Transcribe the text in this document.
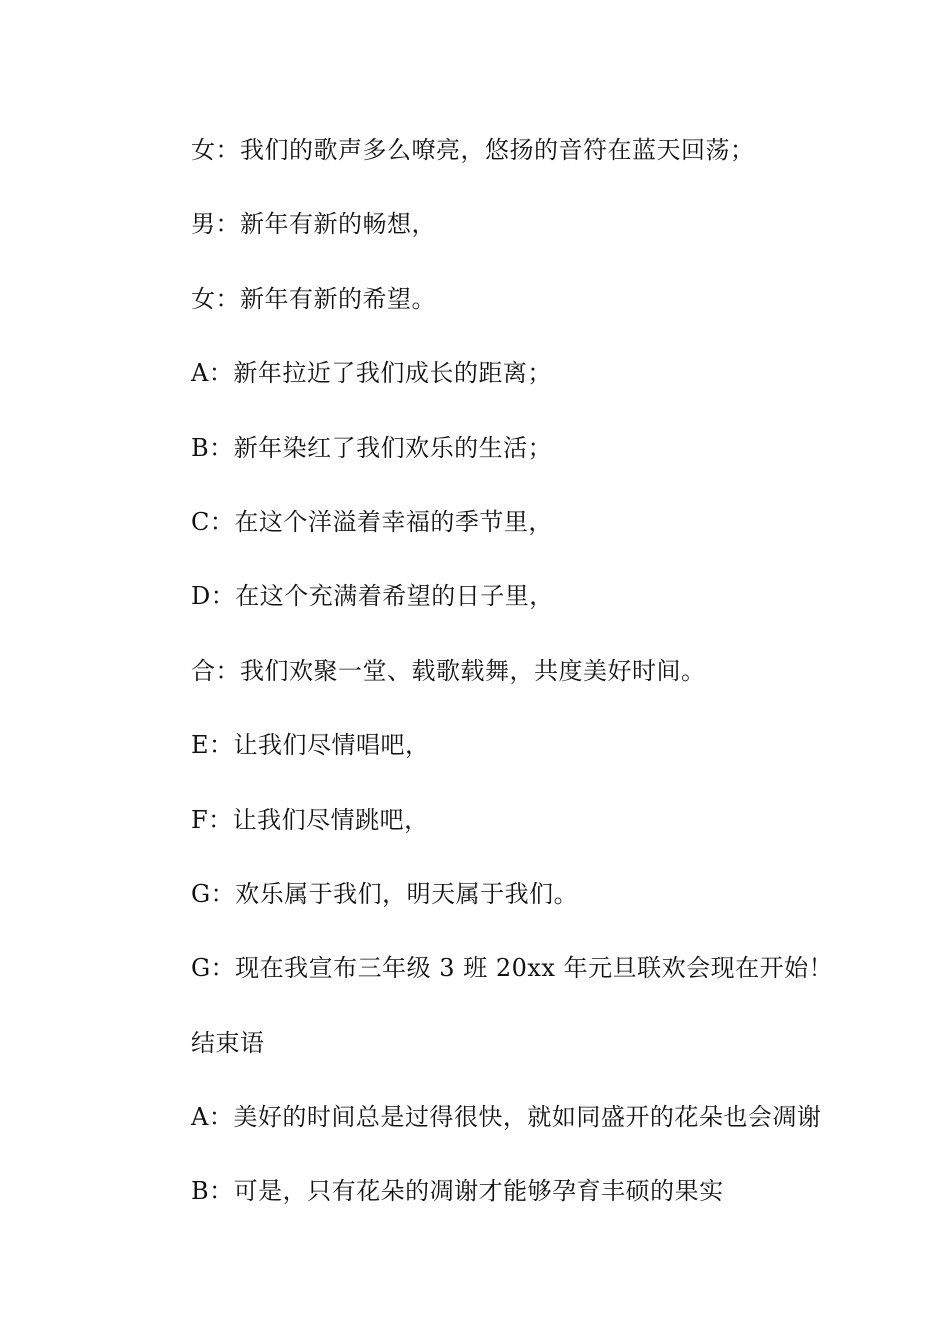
女：我们的歌声多么嘹亮，悠扬的音符在蓝天回荡；
男：新年有新的畅想，
女：新年有新的希望。
A：新年拉近了我们成长的距离；
B：新年染红了我们欢乐的生活；
C：在这个洋溢着幸福的季节里，
D：在这个充满着希望的日子里，
合：我们欢聚一堂、载歌载舞，共度美好时间。
E：让我们尽情唱吧，
F：让我们尽情跳吧，
G：欢乐属于我们，明天属于我们。
G：现在我宣布三年级 3 班 20xx 年元旦联欢会现在开始！
结束语
A：美好的时间总是过得很快，就如同盛开的花朵也会凋谢
B：可是，只有花朵的凋谢才能够孕育丰硕的果实
